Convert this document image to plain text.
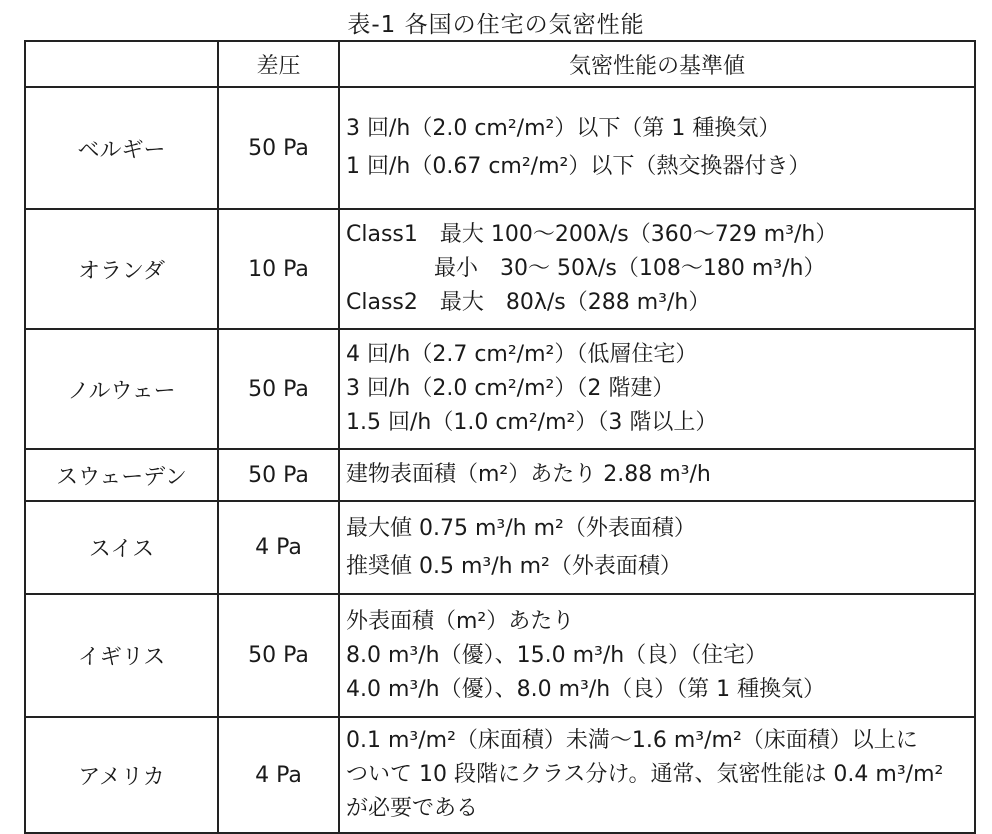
表-1 各国の住宅の気密性能
	差圧	気密性能の基準値
ベルギー	50 Pa	3 回/h（2.0 cm²/m²）以下（第 1 種換気）
1 回/h（0.67 cm²/m²）以下（熱交換器付き）

オランダ	10 Pa	Class1　最大 100〜200λ/s（360〜729 m³/h）
　　　　最小　30〜 50λ/s（108〜180 m³/h）
Class2　最大　80λ/s（288 m³/h）

ノルウェー	50 Pa	4 回/h（2.7 cm²/m²）（低層住宅）
3 回/h（2.0 cm²/m²）（2 階建）
1.5 回/h（1.0 cm²/m²）（3 階以上）

スウェーデン	50 Pa	建物表面積（m²）あたり 2.88 m³/h

スイス	4 Pa	最大値 0.75 m³/h m²（外表面積）
推奨値 0.5 m³/h m²（外表面積）

イギリス	50 Pa	外表面積（m²）あたり
8.0 m³/h（優）、15.0 m³/h（良）（住宅）
4.0 m³/h（優）、8.0 m³/h（良）（第 1 種換気）

アメリカ	4 Pa	0.1 m³/m²（床面積）未満〜1.6 m³/m²（床面積）以上に
ついて 10 段階にクラス分け。通常、気密性能は 0.4 m³/m²
が必要である
